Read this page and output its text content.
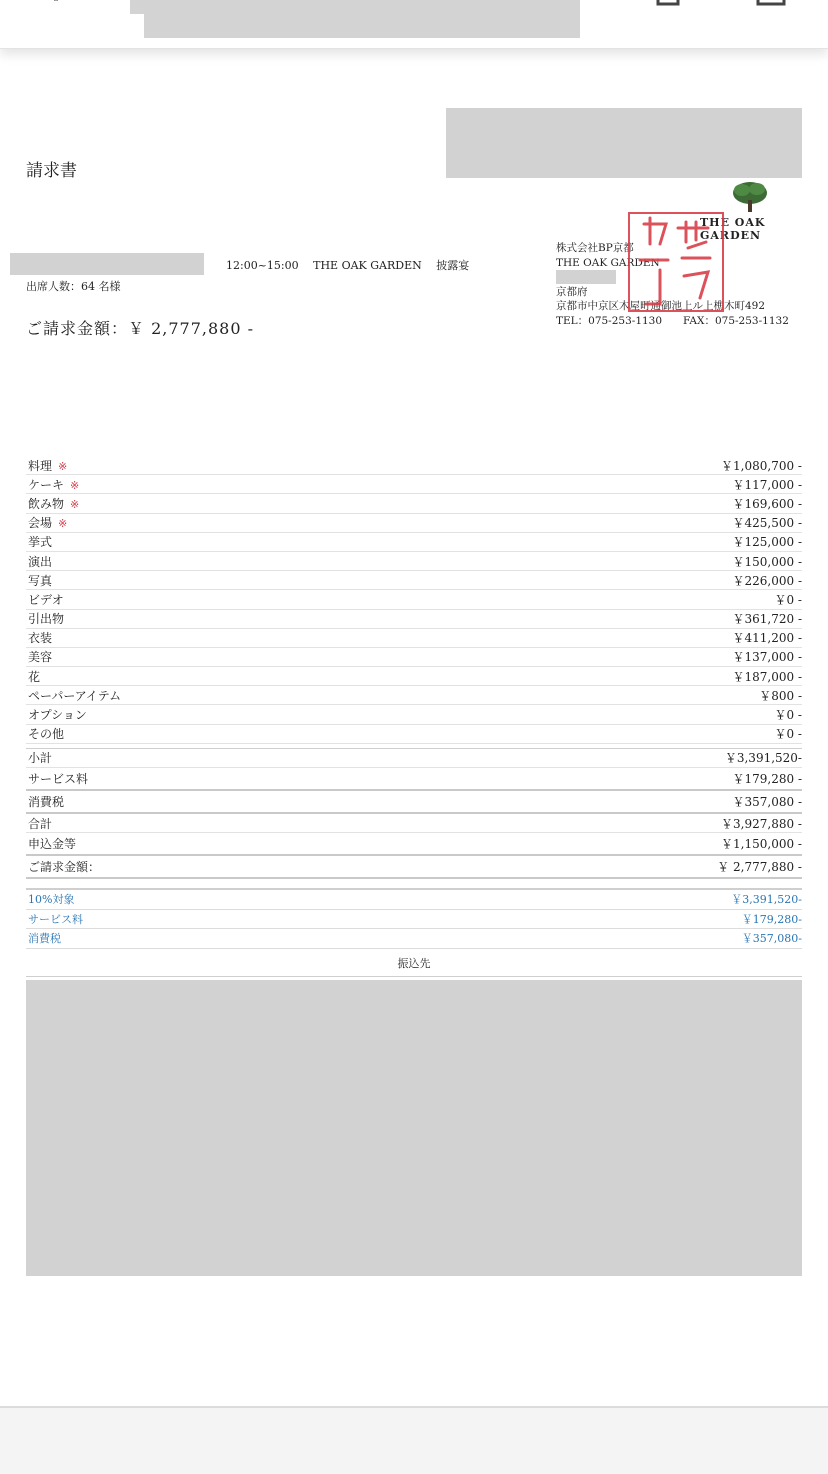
請求書
12:00~15:00　 THE OAK GARDEN　 披露宴
出席人数：64 名様
ご請求金額：￥ 2,777,880 -
THE OAK GARDEN
株式会社BP京都
THE OAK GARDEN
京都府
京都市中京区木屋町通御池上ル上樵木町492
TEL：075-253-1130　　FAX：075-253-1132
料理 ※	￥1,080,700 -
ケーキ ※	￥117,000 -
飲み物 ※	￥169,600 -
会場 ※	￥425,500 -
挙式	￥125,000 -
演出	￥150,000 -
写真	￥226,000 -
ビデオ	￥0 -
引出物	￥361,720 -
衣装	￥411,200 -
美容	￥137,000 -
花	￥187,000 -
ペーパーアイテム	￥800 -
オプション	￥0 -
その他	￥0 -
小計	￥3,391,520-
サービス料	￥179,280 -
消費税	￥357,080 -
合計	￥3,927,880 -
申込金等	￥1,150,000 -
ご請求金額：	￥ 2,777,880 -
10%対象	￥3,391,520-
サービス料	￥179,280-
消費税	￥357,080-
振込先
